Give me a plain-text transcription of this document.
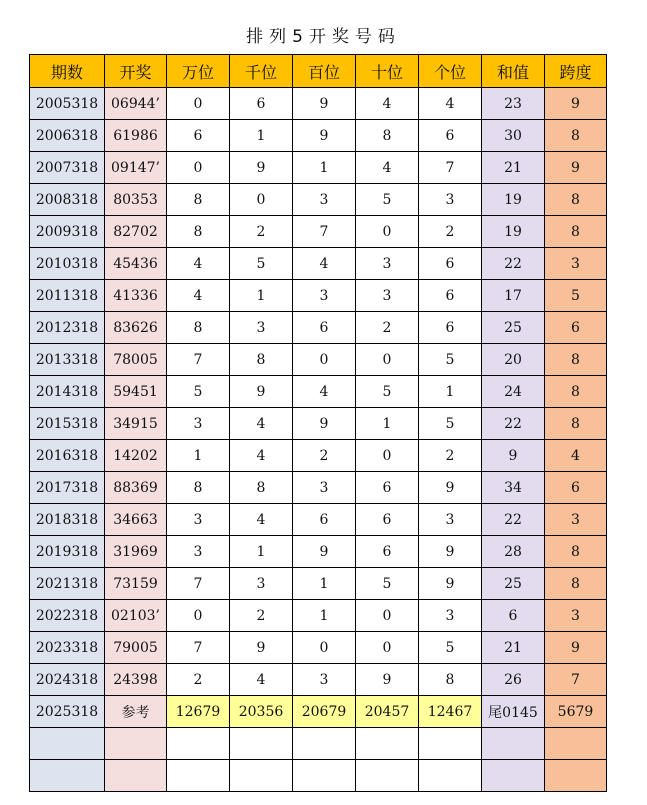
排列5开奖号码
期数	开奖	万位	千位	百位	十位	个位	和值	跨度
2005318	06944’	0	6	9	4	4	23	9
2006318	61986	6	1	9	8	6	30	8
2007318	09147’	0	9	1	4	7	21	9
2008318	80353	8	0	3	5	3	19	8
2009318	82702	8	2	7	0	2	19	8
2010318	45436	4	5	4	3	6	22	3
2011318	41336	4	1	3	3	6	17	5
2012318	83626	8	3	6	2	6	25	6
2013318	78005	7	8	0	0	5	20	8
2014318	59451	5	9	4	5	1	24	8
2015318	34915	3	4	9	1	5	22	8
2016318	14202	1	4	2	0	2	9	4
2017318	88369	8	8	3	6	9	34	6
2018318	34663	3	4	6	6	3	22	3
2019318	31969	3	1	9	6	9	28	8
2021318	73159	7	3	1	5	9	25	8
2022318	02103’	0	2	1	0	3	6	3
2023318	79005	7	9	0	0	5	21	9
2024318	24398	2	4	3	9	8	26	7
2025318	参考	12679	20356	20679	20457	12467	尾0145	5679
